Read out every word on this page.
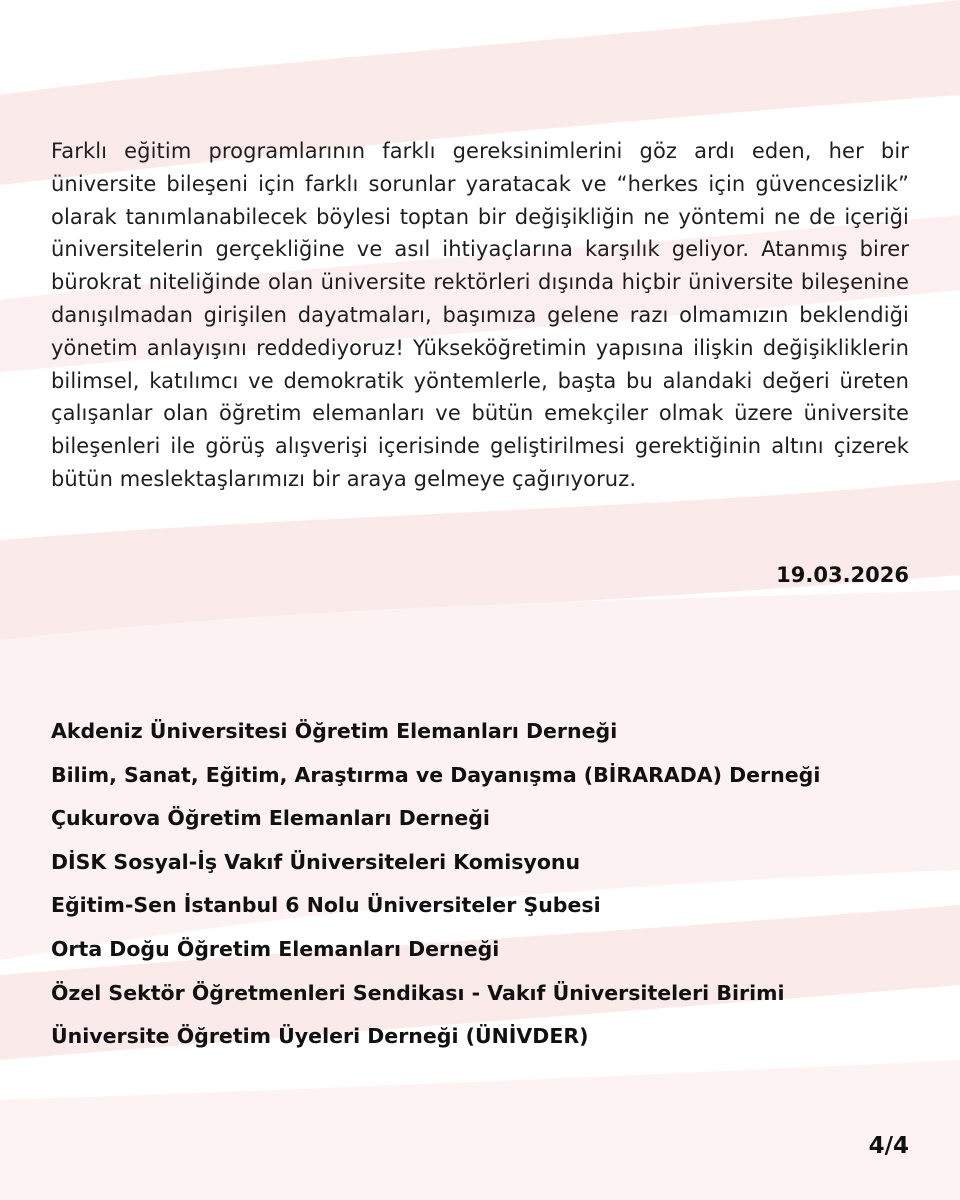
Farklı eğitim programlarının farklı gereksinimlerini göz ardı eden, her bir üniversite bileşeni için farklı sorunlar yaratacak ve “herkes için güvencesizlik” olarak tanımlanabilecek böylesi toptan bir değişikliğin ne yöntemi ne de içeriği üniversitelerin gerçekliğine ve asıl ihtiyaçlarına karşılık geliyor. Atanmış birer bürokrat niteliğinde olan üniversite rektörleri dışında hiçbir üniversite bileşenine danışılmadan girişilen dayatmaları, başımıza gelene razı olmamızın beklendiği yönetim anlayışını reddediyoruz! Yükseköğretimin yapısına ilişkin değişikliklerin bilimsel, katılımcı ve demokratik yöntemlerle, başta bu alandaki değeri üreten çalışanlar olan öğretim elemanları ve bütün emekçiler olmak üzere üniversite bileşenleri ile görüş alışverişi içerisinde geliştirilmesi gerektiğinin altını çizerek bütün meslektaşlarımızı bir araya gelmeye çağırıyoruz.

19.03.2026

Akdeniz Üniversitesi Öğretim Elemanları Derneği
Bilim, Sanat, Eğitim, Araştırma ve Dayanışma (BİRARADA) Derneği
Çukurova Öğretim Elemanları Derneği
DİSK Sosyal-İş Vakıf Üniversiteleri Komisyonu
Eğitim-Sen İstanbul 6 Nolu Üniversiteler Şubesi
Orta Doğu Öğretim Elemanları Derneği
Özel Sektör Öğretmenleri Sendikası - Vakıf Üniversiteleri Birimi
Üniversite Öğretim Üyeleri Derneği (ÜNİVDER)

4/4
